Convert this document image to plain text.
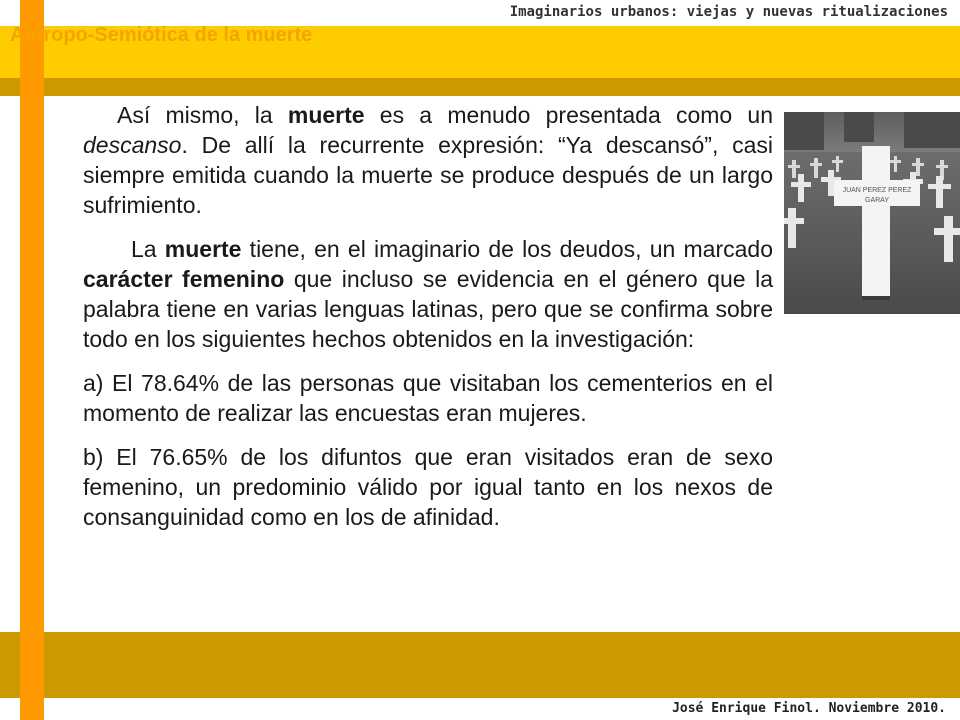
Imaginarios urbanos: viejas y nuevas ritualizaciones
Antropo-Semiótica de la muerte
JUAN PEREZ PEREZ
GARAY

Así mismo, la muerte es a menudo presentada como un descanso. De allí la recurrente expresión: “Ya descansó”, casi siempre emitida cuando la muerte se produce después de un largo sufrimiento.

La muerte tiene, en el imaginario de los deudos, un marcado carácter femenino que incluso se evidencia en el género que la palabra tiene en varias lenguas latinas, pero que se confirma sobre todo en los siguientes hechos obtenidos en la investigación:

a) El 78.64% de las personas que visitaban los cementerios en el momento de realizar las encuestas eran mujeres.

b) El 76.65% de los difuntos que eran visitados eran de sexo femenino, un predominio válido por igual tanto en los nexos de consanguinidad como en los de afinidad.

José Enrique Finol. Noviembre 2010.
